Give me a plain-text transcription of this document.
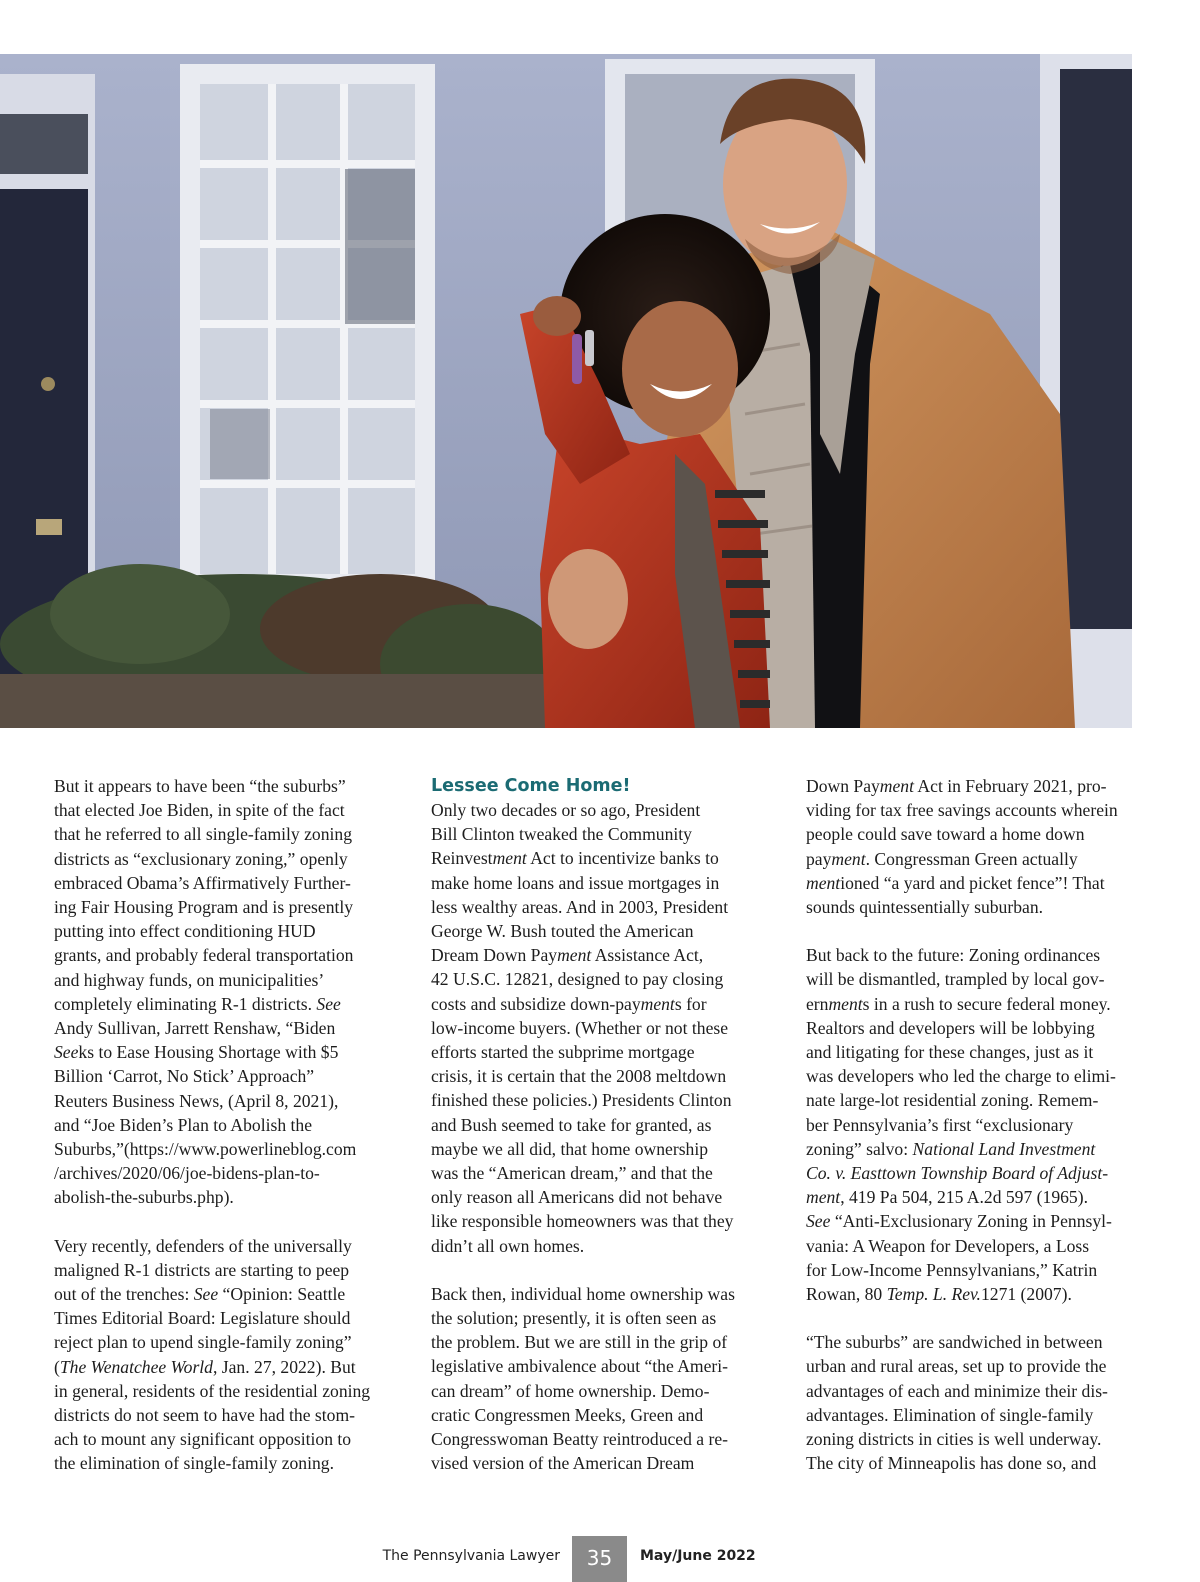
But it appears to have been “the suburbs”
that elected Joe Biden, in spite of the fact
that he referred to all single-family zoning
districts as “exclusionary zoning,” openly
embraced Obama’s Affirmatively Further-
ing Fair Housing Program and is presently
putting into effect conditioning HUD
grants, and probably federal transportation
and highway funds, on municipalities’
completely eliminating R-1 districts. See
Andy Sullivan, Jarrett Renshaw, “Biden
Seeks to Ease Housing Shortage with $5
Billion ‘Carrot, No Stick’ Approach”
Reuters Business News, (April 8, 2021),
and “Joe Biden’s Plan to Abolish the
Suburbs,”(https://www.powerlineblog.com
/archives/2020/06/joe-bidens-plan-to-
abolish-the-suburbs.php).

Very recently, defenders of the universally
maligned R-1 districts are starting to peep
out of the trenches: See “Opinion: Seattle
Times Editorial Board: Legislature should
reject plan to upend single-family zoning”
(The Wenatchee World, Jan. 27, 2022). But
in general, residents of the residential zoning
districts do not seem to have had the stom-
ach to mount any significant opposition to
the elimination of single-family zoning.

Lessee Come Home!

Only two decades or so ago, President
Bill Clinton tweaked the Community
Reinvestment Act to incentivize banks to
make home loans and issue mortgages in
less wealthy areas. And in 2003, President
George W. Bush touted the American
Dream Down Payment Assistance Act,
42 U.S.C. 12821, designed to pay closing
costs and subsidize down-payments for
low-income buyers. (Whether or not these
efforts started the subprime mortgage
crisis, it is certain that the 2008 meltdown
finished these policies.) Presidents Clinton
and Bush seemed to take for granted, as
maybe we all did, that home ownership
was the “American dream,” and that the
only reason all Americans did not behave
like responsible homeowners was that they
didn’t all own homes.

Back then, individual home ownership was
the solution; presently, it is often seen as
the problem. But we are still in the grip of
legislative ambivalence about “the Ameri-
can dream” of home ownership. Demo-
cratic Congressmen Meeks, Green and
Congresswoman Beatty reintroduced a re-
vised version of the American Dream

Down Payment Act in February 2021, pro-
viding for tax free savings accounts wherein
people could save toward a home down
payment. Congressman Green actually
mentioned “a yard and picket fence”! That
sounds quintessentially suburban.

But back to the future: Zoning ordinances
will be dismantled, trampled by local gov-
ernments in a rush to secure federal money.
Realtors and developers will be lobbying
and litigating for these changes, just as it
was developers who led the charge to elimi-
nate large-lot residential zoning. Remem-
ber Pennsylvania’s first “exclusionary
zoning” salvo: National Land Investment
Co. v. Easttown Township Board of Adjust-
ment, 419 Pa 504, 215 A.2d 597 (1965).
See “Anti-Exclusionary Zoning in Pennsyl-
vania: A Weapon for Developers, a Loss
for Low-Income Pennsylvanians,” Katrin
Rowan, 80 Temp. L. Rev.1271 (2007).

“The suburbs” are sandwiched in between
urban and rural areas, set up to provide the
advantages of each and minimize their dis-
advantages. Elimination of single-family
zoning districts in cities is well underway.
The city of Minneapolis has done so, and

The Pennsylvania Lawyer	35	May/June 2022
